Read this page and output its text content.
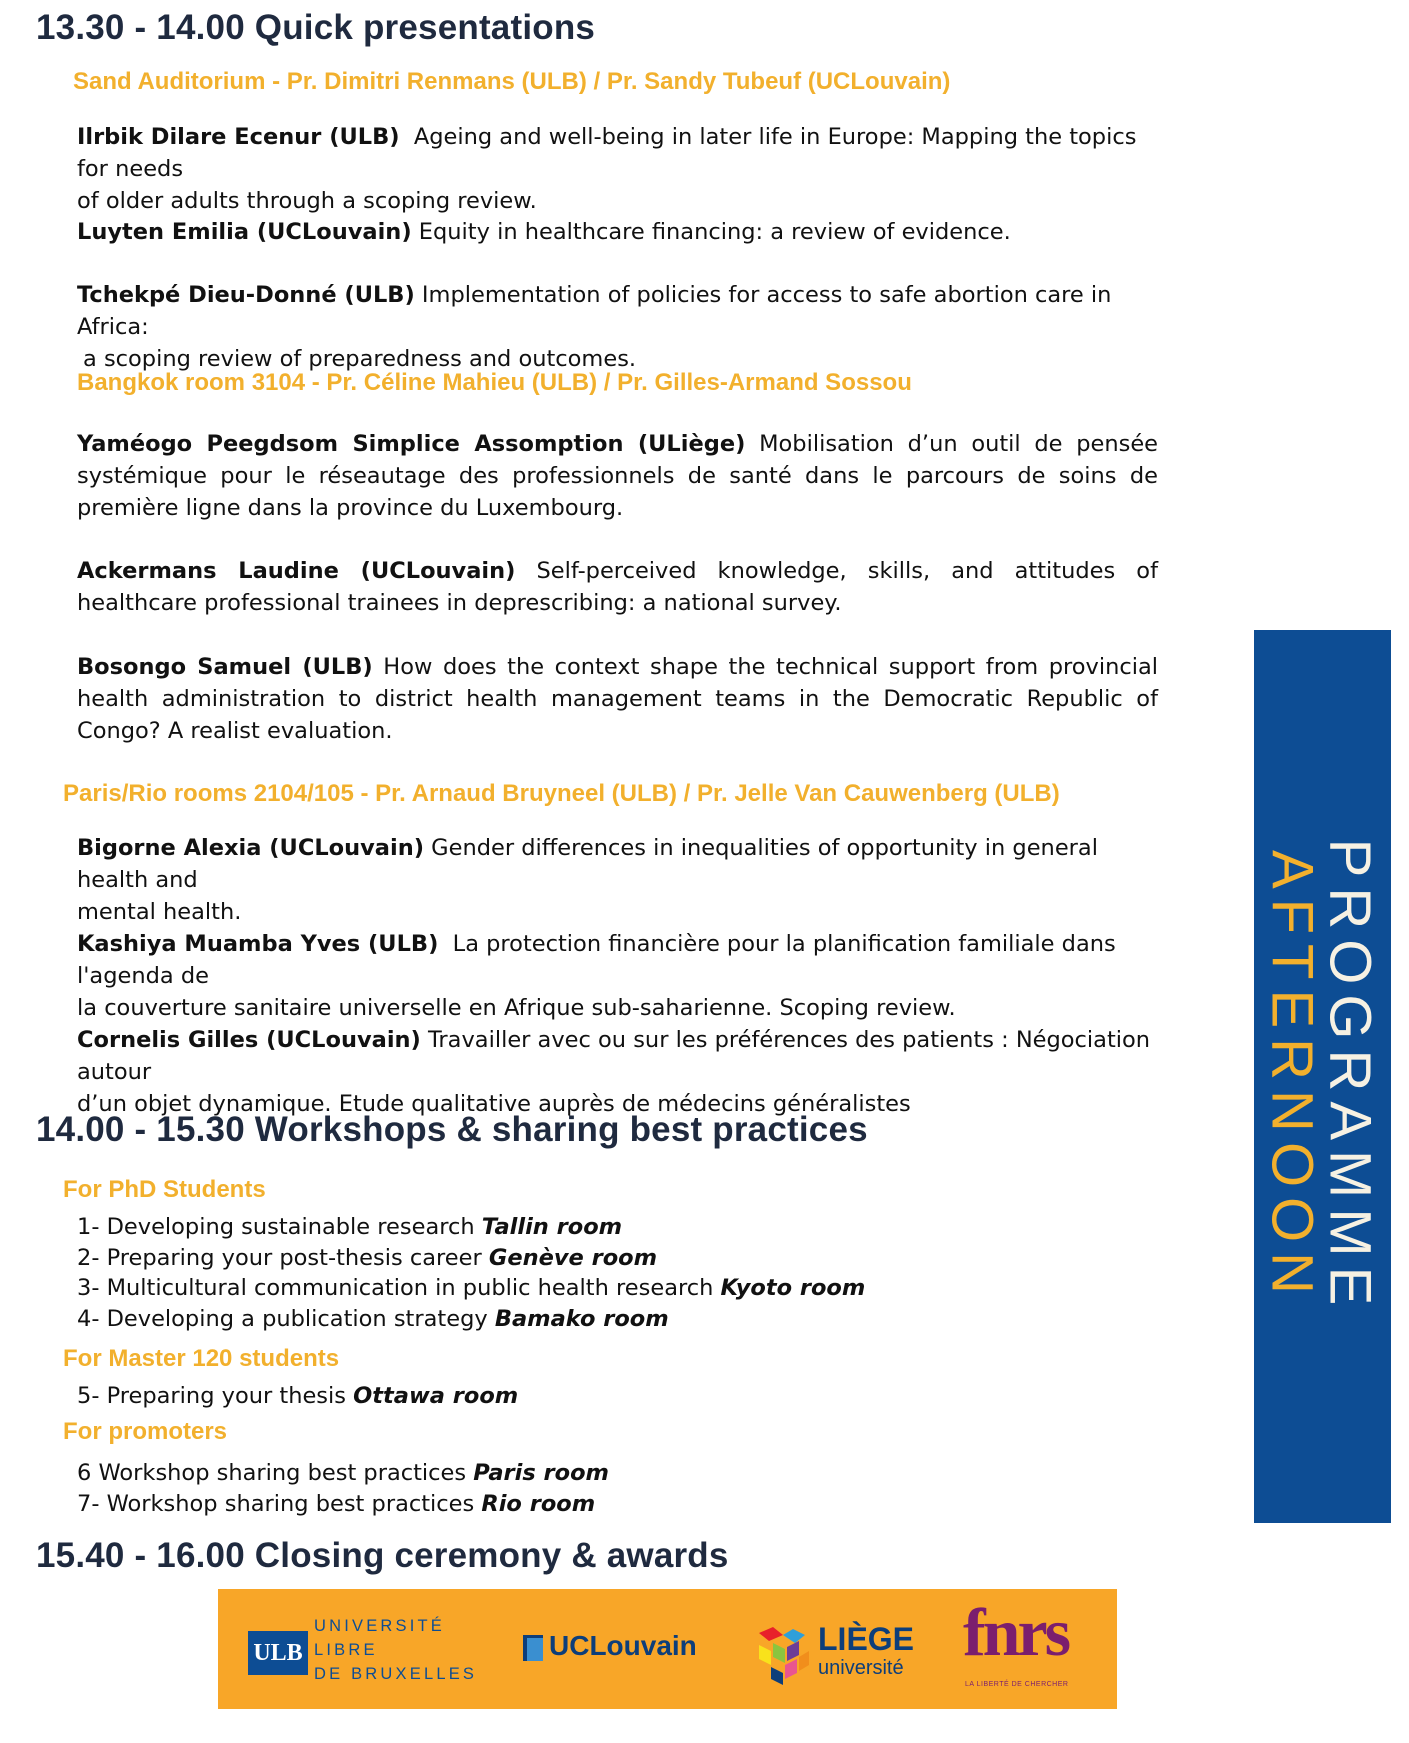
13.30 - 14.00 Quick presentations
Sand Auditorium - Pr. Dimitri Renmans (ULB) / Pr. Sandy Tubeuf (UCLouvain)

Ilrbik Dilare Ecenur (ULB) Ageing and well-being in later life in Europe: Mapping the topics for needs
of older adults through a scoping review.

Luyten Emilia (UCLouvain) Equity in healthcare financing: a review of evidence.

Tchekpé Dieu-Donné (ULB) Implementation of policies for access to safe abortion care in Africa:
a scoping review of preparedness and outcomes.

Bangkok room 3104 - Pr. Céline Mahieu (ULB) / Pr. Gilles-Armand Sossou

Yaméogo Peegdsom Simplice Assomption (ULiège) Mobilisation d’un outil de pensée systémique pour le réseautage des professionnels de santé dans le parcours de soins de première ligne dans la province du Luxembourg.

Ackermans Laudine (UCLouvain) Self-perceived knowledge, skills, and attitudes of healthcare professional trainees in deprescribing: a national survey.

Bosongo Samuel (ULB) How does the context shape the technical support from provincial health administration to district health management teams in the Democratic Republic of Congo? A realist evaluation.

Paris/Rio rooms 2104/105 - Pr. Arnaud Bruyneel (ULB) / Pr. Jelle Van Cauwenberg (ULB)

Bigorne Alexia (UCLouvain) Gender differences in inequalities of opportunity in general health and
mental health.

Kashiya Muamba Yves (ULB) La protection financière pour la planification familiale dans l'agenda de
la couverture sanitaire universelle en Afrique sub-saharienne. Scoping review.

Cornelis Gilles (UCLouvain) Travailler avec ou sur les préférences des patients : Négociation autour
d’un objet dynamique. Etude qualitative auprès de médecins généralistes

14.00 - 15.30 Workshops & sharing best practices
For PhD Students
1- Developing sustainable research Tallin room
2- Preparing your post-thesis career Genève room
3- Multicultural communication in public health research Kyoto room
4- Developing a publication strategy Bamako room
For Master 120 students
5- Preparing your thesis Ottawa room
For promoters
6 Workshop sharing best practices Paris room
7- Workshop sharing best practices Rio room
15.40 - 16.00 Closing ceremony & awards
PROGRAMME
AFTERNOON
ULB
UNIVERSITÉ
LIBRE
DE BRUXELLES
UCLouvain	LIÈGE
université fnrs
LA LIBERTÉ DE CHERCHER
